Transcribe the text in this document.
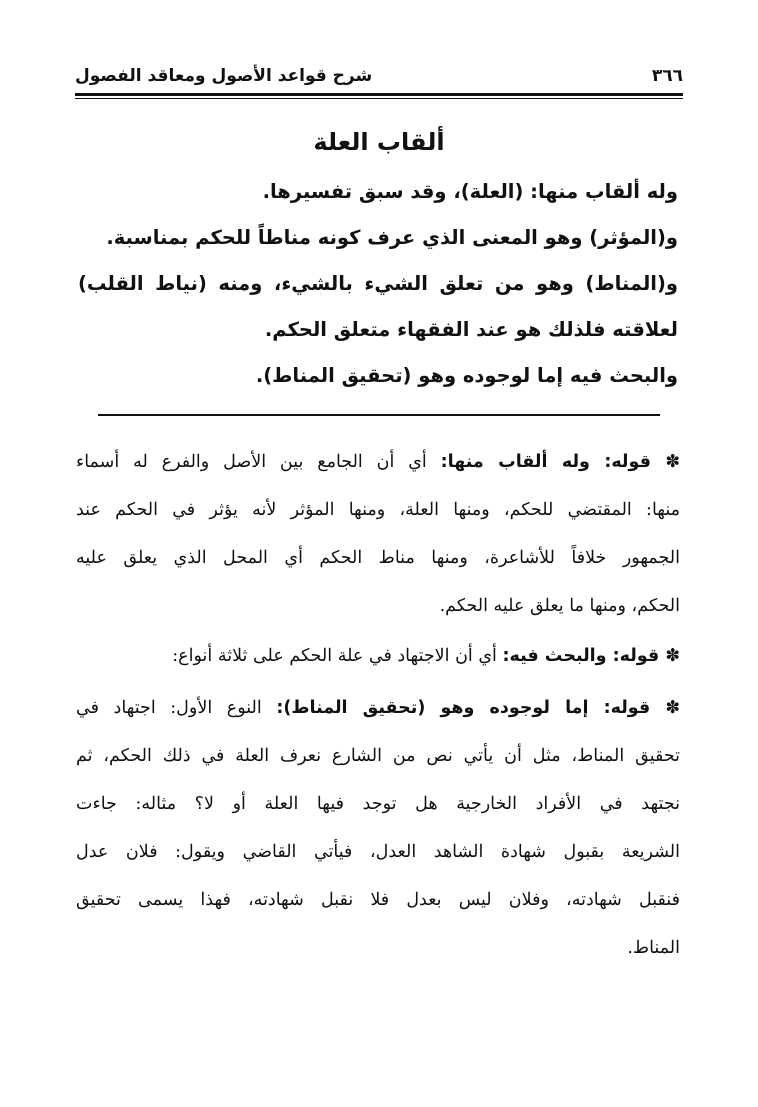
٣٦٦
شرح قواعد الأصول ومعاقد الفصول
ألقاب العلة
وله ألقاب منها: (العلة)، وقد سبق تفسيرها.
و(المؤثر) وهو المعنى الذي عرف كونه مناطاً للحكم بمناسبة.
و(المناط) وهو من تعلق الشيء بالشيء، ومنه (نياط القلب)
لعلاقته فلذلك هو عند الفقهاء متعلق الحكم.
والبحث فيه إما لوجوده وهو (تحقيق المناط).
✽ قوله: وله ألقاب منها: أي أن الجامع بين الأصل والفرع له أسماء
منها: المقتضي للحكم، ومنها العلة، ومنها المؤثر لأنه يؤثر في الحكم عند
الجمهور خلافاً للأشاعرة، ومنها مناط الحكم أي المحل الذي يعلق عليه
الحكم، ومنها ما يعلق عليه الحكم.
✽ قوله: والبحث فيه: أي أن الاجتهاد في علة الحكم على ثلاثة أنواع:
✽ قوله: إما لوجوده وهو (تحقيق المناط): النوع الأول: اجتهاد في
تحقيق المناط، مثل أن يأتي نص من الشارع نعرف العلة في ذلك الحكم، ثم
نجتهد في الأفراد الخارجية هل توجد فيها العلة أو لا؟ مثاله: جاءت
الشريعة بقبول شهادة الشاهد العدل، فيأتي القاضي ويقول: فلان عدل
فنقبل شهادته، وفلان ليس بعدل فلا نقبل شهادته، فهذا يسمى تحقيق
المناط.
